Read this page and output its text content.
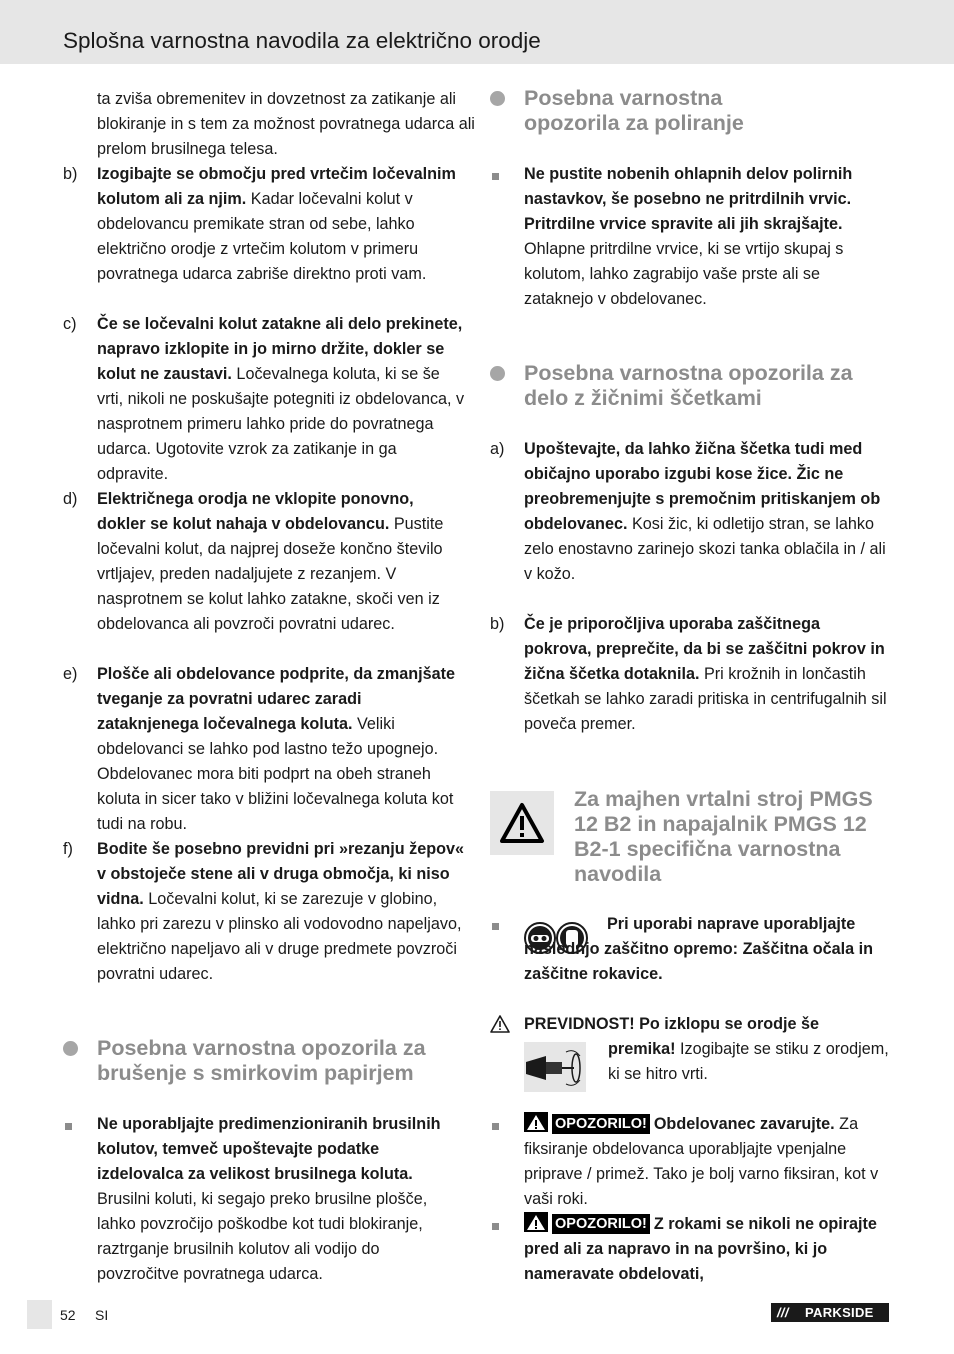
Splošna varnostna navodila za električno orodje

ta zviša obremenitev in dovzetnost za zatikanje ali blokiranje in s tem za možnost povratnega udarca ali prelom brusilnega telesa.

b)	Izogibajte se območju pred vrtečim ločevalnim kolutom ali za njim. Kadar ločevalni kolut v obdelovancu premikate stran od sebe, lahko električno orodje z vrtečim kolutom v primeru povratnega udarca zabriše direktno proti vam.

c)	Če se ločevalni kolut zatakne ali delo prekinete, napravo izklopite in jo mirno držite, dokler se kolut ne zaustavi. Ločevalnega koluta, ki se še vrti, nikoli ne poskušajte potegniti iz obdelovanca, v nasprotnem primeru lahko pride do povratnega udarca. Ugotovite vzrok za zatikanje in ga odpravite.

d)	Električnega orodja ne vklopite ponovno, dokler se kolut nahaja v obdelovancu. Pustite ločevalni kolut, da najprej doseže končno število vrtljajev, preden nadaljujete z rezanjem. V nasprotnem se kolut lahko zatakne, skoči ven iz obdelovanca ali povzroči povratni udarec.

e)	Plošče ali obdelovance podprite, da zmanjšate tveganje za povratni udarec zaradi zataknjenega ločevalnega koluta. Veliki obdelovanci se lahko pod lastno težo upognejo. Obdelovanec mora biti podprt na obeh straneh koluta in sicer tako v bližini ločevalnega koluta kot tudi na robu.

f)	Bodite še posebno previdni pri »rezanju žepov« v obstoječe stene ali v druga območja, ki niso vidna. Ločevalni kolut, ki se zarezuje v globino, lahko pri zarezu v plinsko ali vodovodno napeljavo, električno napeljavo ali v druge predmete povzroči povratni udarec.

Posebna varnostna opozorila za brušenje s smirkovim papirjem

Ne uporabljajte predimenzioniranih brusilnih kolutov, temveč upoštevajte podatke izdelovalca za velikost brusilnega koluta. Brusilni koluti, ki segajo preko brusilne plošče, lahko povzročijo poškodbe kot tudi blokiranje, raztrganje brusilnih kolutov ali vodijo do povzročitve povratnega udarca.

Posebna varnostna opozorila za poliranje

Ne pustite nobenih ohlapnih delov polirnih nastavkov, še posebno ne pritrdilnih vrvic. Pritrdilne vrvice spravite ali jih skrajšajte. Ohlapne pritrdilne vrvice, ki se vrtijo skupaj s kolutom, lahko zagrabijo vaše prste ali se zataknejo v obdelovanec.

Posebna varnostna opozorila za delo z žičnimi ščetkami
a)	Upoštevajte, da lahko žična ščetka tudi med običajno uporabo izgubi kose žice. Žic ne preobremenjujte s premočnim pritiskanjem ob obdelovanec. Kosi žic, ki odletijo stran, se lahko zelo enostavno zarinejo skozi tanka oblačila in / ali v kožo.

b)	Če je priporočljiva uporaba zaščitnega pokrova, preprečite, da bi se zaščitni pokrov in žična ščetka dotaknila. Pri krožnih in lončastih ščetkah se lahko zaradi pritiska in centrifugalnih sil poveča premer.

Za majhen vrtalni stroj PMGS 12 B2 in napajalnik PMGS 12 B2-1 specifična varnostna navodila

Pri uporabi naprave uporabljajte naslednjo zaščitno opremo: Zaščitna očala in zaščitne rokavice.

PREVIDNOST! Po izklopu se orodje še

premika! Izogibajte se stiku z orodjem, ki se hitro vrti.

OPOZORILO! Obdelovanec zavarujte. Za fiksiranje obdelovanca uporabljajte vpenjalne priprave / primež. Tako je bolj varno fiksiran, kot v vaši roki.

OPOZORILO! Z rokami se nikoli ne opirajte pred ali za napravo in na površino, ki jo nameravate obdelovati,

52 SI	/// PARKSIDE
